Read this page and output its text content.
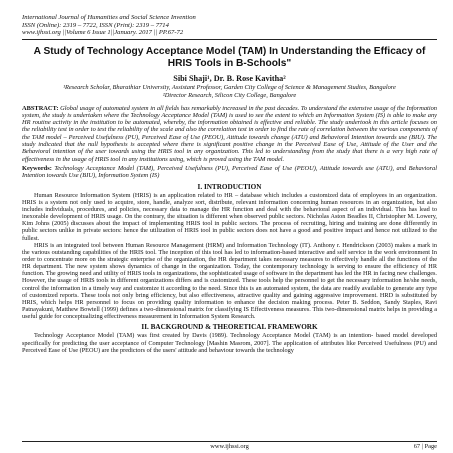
International Journal of Humanities and Social Science Invention
ISSN (Online): 2319 – 7722, ISSN (Print): 2319 – 7714
www.ijhssi.org ||Volume 6 Issue 1||January. 2017 || PP.67-72
A Study of Technology Acceptance Model (TAM) In Understanding the Efficacy of HRIS Tools in B-Schools"
Sibi Shaji¹, Dr. B. Rose Kavitha²
¹Research Scholar, Bharathiar University, Assistant Professor, Garden City College of Science & Management Studies, Bangalore
²Director Research, Silicon City College, Bangalore
ABSTRACT: Global usage of automated system in all fields has remarkably increased in the past decades. To understand the extensive usage of the Information system, the study is undertaken where the Technology Acceptance Model (TAM) is used to see the extent to which an Information System (IS) is able to make any HR routine activity in the institution to be automated, whereby, the information obtained is effective and reliable. The study undertook in this article focuses on the reliability test in order to test the reliability of the scale and also the correlation test in order to find the rate of correlation between the various components of the TAM model – Perceived Usefulness (PU), Perceived Ease of Use (PEOU), Attitude towards change (ATU) and Behavioral Intention towards use (BIU). The study indicated that the null hypothesis is accepted where there is significant positive change in the Perceived Ease of Use, Attitude of the User and the Behavioral intention of the user towards using the HRIS tool in any organization. This led to understanding from the study that there is a very high rate of effectiveness in the usage of HRIS tool in any institutions using, which is proved using the TAM model.
Keywords: Technology Acceptance Model (TAM), Perceived Usefulness (PU), Perceived Ease of Use (PEOU), Attitude towards use (ATU), and Behavioral Intention towards Use (BIU), Information System (IS)
I. INTRODUCTION

Human Resource Information System (HRIS) is an application related to HR – database which includes a customized data of employees in an organization. HRIS is a system not only used to acquire, store, handle, analyze sort, distribute, relevant information concerning human resources in an organization, but also includes individuals, procedures, and policies, necessary data to manage the HR function and deal with the behavioral aspect of an individual. This has lead to inexorable development of HRIS usage. On the contrary, the situation is different when observed public sectors. Nicholas Aston Beadles II, Christopher M. Lowery, Kim Johns (2005) discusses about the impact of implementing HRIS tool in public sectors. The process of recruiting, hiring and training are done differently in public sectors unlike in private sectors: hence the utilization of HRIS tool in public sectors does not have a good and positive impact and hence not utilized to the fullest.

HRIS is an integrated tool between Human Resource Management (HRM) and Information Technology (IT). Anthony r. Hendrickson (2003) makes a mark in the various outstanding capabilities of the HRIS tool. The inception of this tool has led to information-based interactive and self service in the work environment In order to concentrate more on the strategic enterprise of the organization, the HR department takes necessary measures to effectively handle all the functions of the HR department. The new system shows dynamics of change in the organization. Today, the contemporary technology is serving to ensure the efficiency of HR function. The growing need and utility of HRIS tools in organizations, the sophisticated usage of software in the department has led the HR in facing new challenges. However, the usage of HRIS tools in different organizations differs and is customized. These tools help the personnel to get the necessary information he/she needs, control the information in a timely way and customize it according to the need. Since this is an automated system, the data are readily available to generate any type of customized reports. These tools not only bring efficiency, but also effectiveness, attractive quality and gaining aggressive improvement. HRD is substituted by HRIS, which helps HR personnel to focus on providing quality information to enhance the decision making process. Peter B. Seddon, Sandy Staples, Ravi Patnayakuni, Matthew Bowtell (1999) defines a two-dimensional matrix for classifying IS Effectiveness measures. This two-dimensional matrix helps in providing a useful guide for conceptualizing effectiveness measurement in Information System Research.

II. BACKGROUND & THEORETICAL FRAMEWORK

Technology Acceptance Model (TAM) was first created by Davis (1989). Technology Acceptance Model (TAM) is an intention- based model developed specifically for predicting the user acceptance of Computer Technology [Mashin Masrom, 2007]. The application of attributes like Perceived Usefulness (PU) and Perceived Ease of Use (PEOU) are the predictors of the users' attitude and behaviour towards the technology

www.ijhssi.org	67 | Page
